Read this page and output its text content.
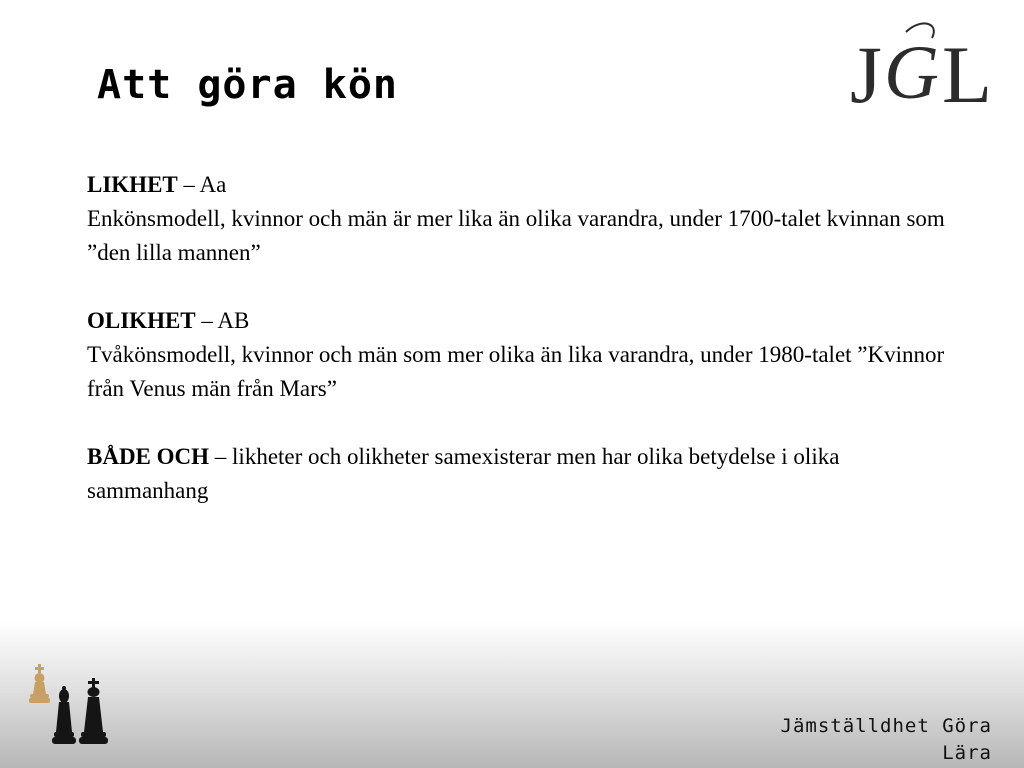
Att göra kön	J G L
LIKHET – Aa
Enkönsmodell, kvinnor och män är mer lika än olika varandra, under 1700-talet kvinnan som ”den lilla mannen”
OLIKHET – AB
Tvåkönsmodell, kvinnor och män som mer olika än lika varandra, under 1980-talet ”Kvinnor från Venus män från Mars”
BÅDE OCH – likheter och olikheter samexisterar men har olika betydelse i olika sammanhang
Jämställdhet Göra
Lära
